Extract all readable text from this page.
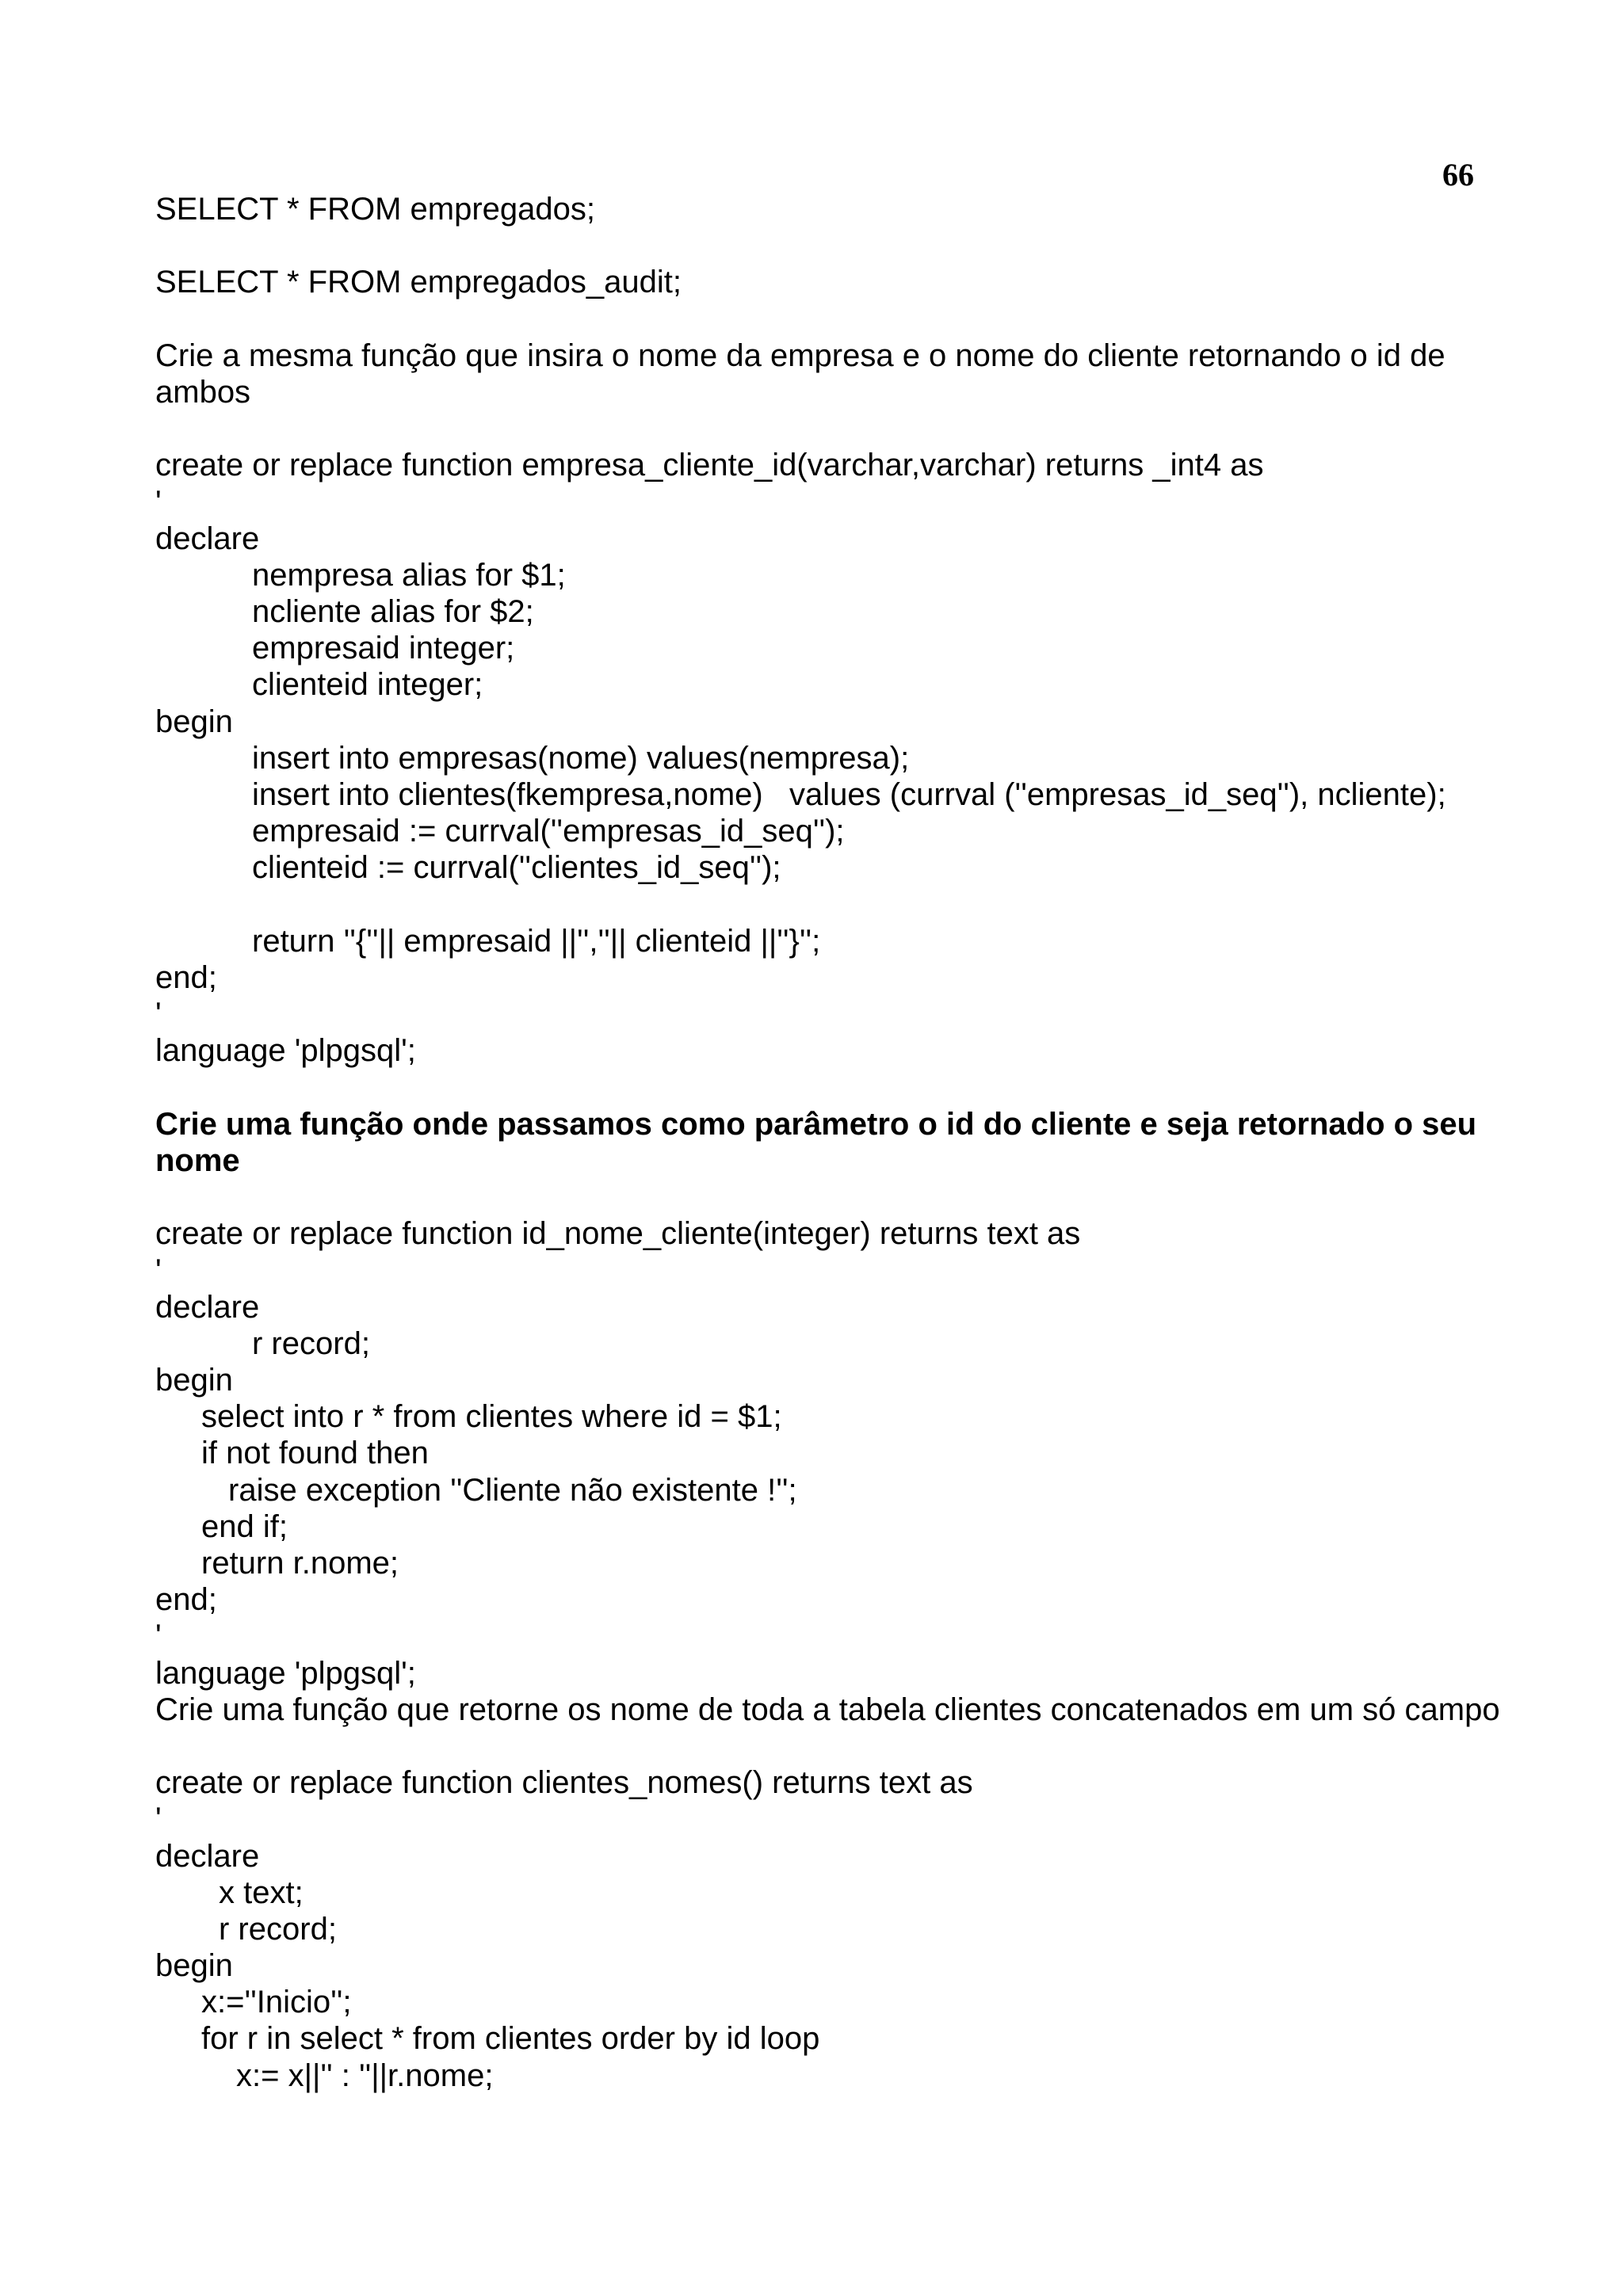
66
SELECT * FROM empregados;
SELECT * FROM empregados_audit;
Crie a mesma função que insira o nome da empresa e o nome do cliente retornando o id de ambos
create or replace function empresa_cliente_id(varchar,varchar) returns _int4 as
'
declare
nempresa alias for $1;
ncliente alias for $2;
empresaid integer;
clienteid integer;
begin
insert into empresas(nome) values(nempresa);
insert into clientes(fkempresa,nome)   values (currval (''empresas_id_seq''), ncliente);
empresaid := currval(''empresas_id_seq'');
clienteid := currval(''clientes_id_seq'');
return ''{''|| empresaid ||'',''|| clienteid ||''}'';
end;
'
language 'plpgsql';
Crie uma função onde passamos como parâmetro o id do cliente e seja retornado o seu nome
create or replace function id_nome_cliente(integer) returns text as
'
declare
r record;
begin
select into r * from clientes where id = $1;
if not found then
raise exception ''Cliente não existente !'';
end if;
return r.nome;
end;
'
language 'plpgsql';
Crie uma função que retorne os nome de toda a tabela clientes concatenados em um só campo
create or replace function clientes_nomes() returns text as
'
declare
x text;
r record;
begin
x:=''Inicio'';
for r in select * from clientes order by id loop
x:= x||'' : ''||r.nome;
